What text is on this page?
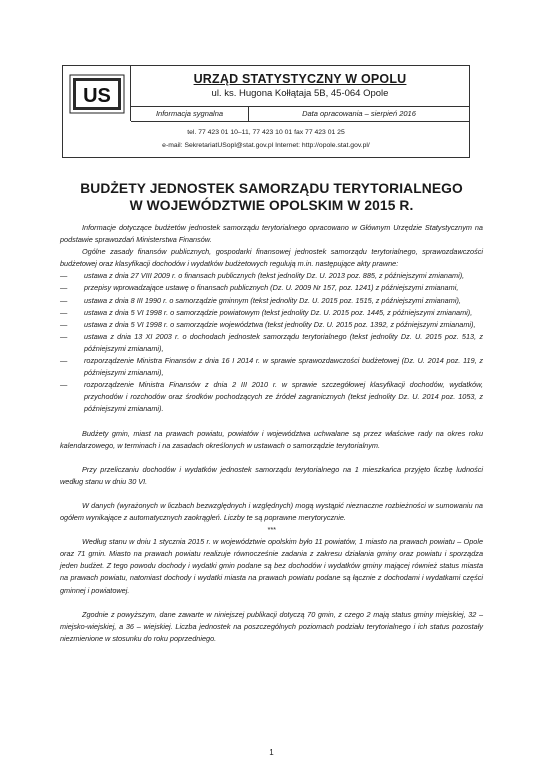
US
URZĄD STATYSTYCZNY W OPOLU
ul. ks. Hugona Kołłątaja 5B, 45-064 Opole
Informacja sygnalna	Data opracowania – sierpień 2016
tel. 77 423 01 10–11, 77 423 10 01 fax 77 423 01 25
e-mail: SekretariatUSopl@stat.gov.pl Internet: http://opole.stat.gov.pl/
BUDŻETY JEDNOSTEK SAMORZĄDU TERYTORIALNEGO
W WOJEWÓDZTWIE OPOLSKIM W 2015 R.

Informacje dotyczące budżetów jednostek samorządu terytorialnego opracowano w Głównym Urzędzie Statystycznym na podstawie sprawozdań Ministerstwa Finansów.

Ogólne zasady finansów publicznych, gospodarki finansowej jednostek samorządu terytorialnego, sprawozdawczości budżetowej oraz klasyfikacji dochodów i wydatków budżetowych regulują m.in. następujące akty prawne:

— ustawa z dnia 27 VIII 2009 r. o finansach publicznych (tekst jednolity Dz. U. 2013 poz. 885, z późniejszymi zmianami),

— przepisy wprowadzające ustawę o finansach publicznych (Dz. U. 2009 Nr 157, poz. 1241) z późniejszymi zmianami,

— ustawa z dnia 8 III 1990 r. o samorządzie gminnym (tekst jednolity Dz. U. 2015 poz. 1515, z późniejszymi zmianami),

— ustawa z dnia 5 VI 1998 r. o samorządzie powiatowym (tekst jednolity Dz. U. 2015 poz. 1445, z późniejszymi zmianami),

— ustawa z dnia 5 VI 1998 r. o samorządzie województwa (tekst jednolity Dz. U. 2015 poz. 1392, z późniejszymi zmianami),

— ustawa z dnia 13 XI 2003 r. o dochodach jednostek samorządu terytorialnego (tekst jednolity Dz. U. 2015 poz. 513, z późniejszymi zmianami),

— rozporządzenie Ministra Finansów z dnia 16 I 2014 r. w sprawie sprawozdawczości budżetowej (Dz. U. 2014 poz. 119, z późniejszymi zmianami),

— rozporządzenie Ministra Finansów z dnia 2 III 2010 r. w sprawie szczegółowej klasyfikacji dochodów, wydatków, przychodów i rozchodów oraz środków pochodzących ze źródeł zagranicznych (tekst jednolity Dz. U. 2014 poz. 1053, z późniejszymi zmianami).

Budżety gmin, miast na prawach powiatu, powiatów i województwa uchwalane są przez właściwe rady na okres roku kalendarzowego, w terminach i na zasadach określonych w ustawach o samorządzie terytorialnym.

Przy przeliczaniu dochodów i wydatków jednostek samorządu terytorialnego na 1 mieszkańca przyjęto liczbę ludności według stanu w dniu 30 VI.

W danych (wyrażonych w liczbach bezwzględnych i względnych) mogą wystąpić nieznaczne rozbieżności w sumowaniu na ogółem wynikające z automatycznych zaokrągleń. Liczby te są poprawne merytorycznie.

***

Według stanu w dniu 1 stycznia 2015 r. w województwie opolskim było 11 powiatów, 1 miasto na prawach powiatu – Opole oraz 71 gmin. Miasto na prawach powiatu realizuje równocześnie zadania z zakresu działania gminy oraz powiatu i sporządza jeden budżet. Z tego powodu dochody i wydatki gmin podane są bez dochodów i wydatków gminy mającej również status miasta na prawach powiatu, natomiast dochody i wydatki miasta na prawach powiatu podane są łącznie z dochodami i wydatkami części gminnej i powiatowej.

Zgodnie z powyższym, dane zawarte w niniejszej publikacji dotyczą 70 gmin, z czego 2 mają status gminy miejskiej, 32 – miejsko-wiejskiej, a 36 – wiejskiej. Liczba jednostek na poszczególnych poziomach podziału terytorialnego i ich status pozostały niezmienione w stosunku do roku poprzedniego.

1
